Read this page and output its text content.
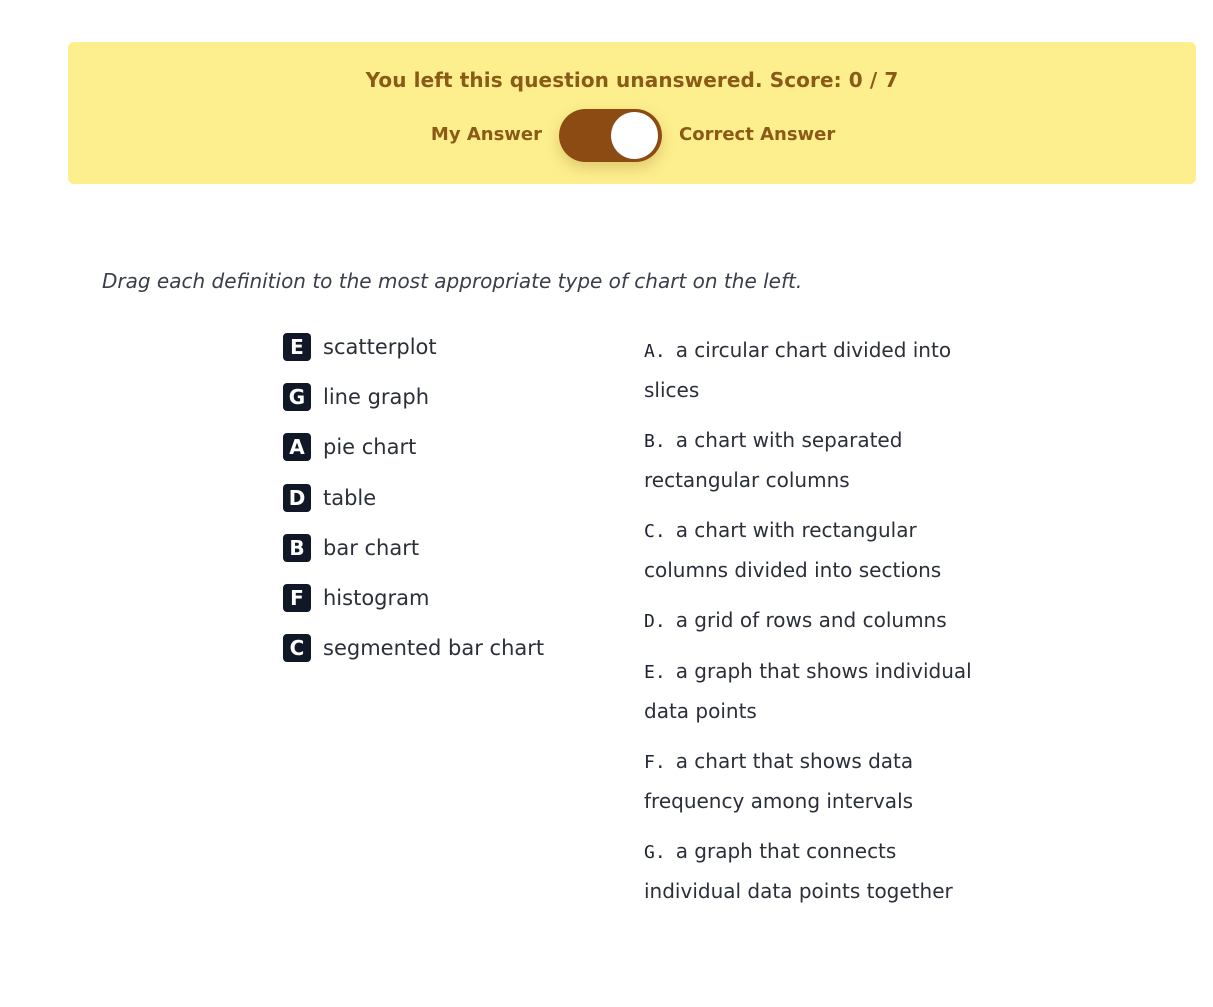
You left this question unanswered. Score: 0 / 7
My Answer	Correct Answer
Drag each definition to the most appropriate type of chart on the left.
E scatterplot
G line graph
A pie chart
D table
B bar chart
F histogram
C segmented bar chart
A. a circular chart divided into slices
B. a chart with separated rectangular columns
C. a chart with rectangular columns divided into sections
D. a grid of rows and columns
E. a graph that shows individual data points
F. a chart that shows data frequency among intervals
G. a graph that connects individual data points together
